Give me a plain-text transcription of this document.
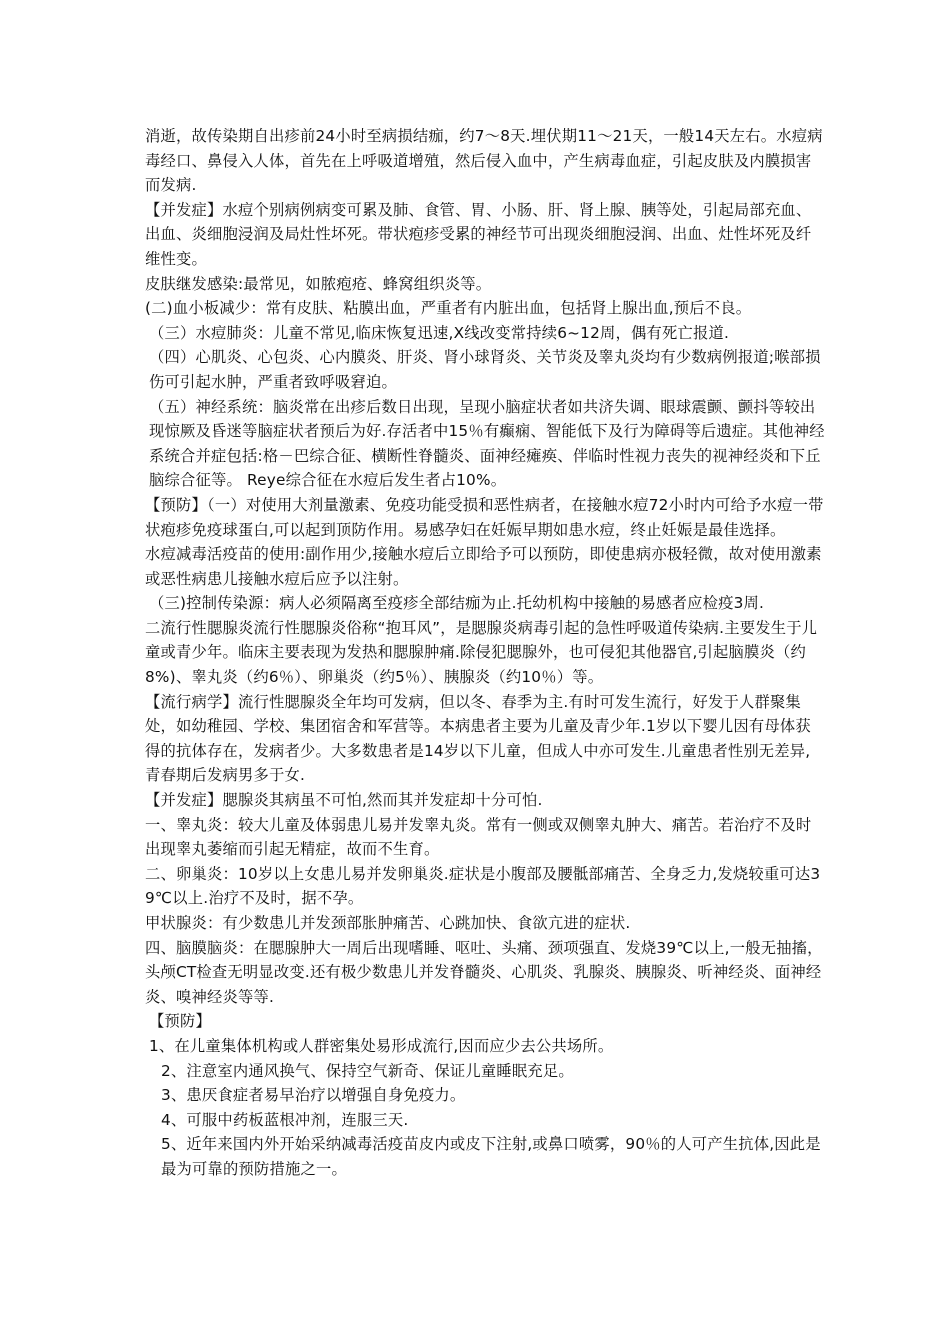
消逝，故传染期自出疹前24小时至病损结痂，约7～8天.埋伏期11～21天，一般14天左右。水痘病毒经口、鼻侵入人体，首先在上呼吸道增殖，然后侵入血中，产生病毒血症，引起皮肤及内膜损害而发病.

【并发症】水痘个别病例病变可累及肺、食管、胃、小肠、肝、肾上腺、胰等处，引起局部充血、出血、炎细胞浸润及局灶性坏死。带状疱疹受累的神经节可出现炎细胞浸润、出血、灶性坏死及纤维性变。

皮肤继发感染:最常见，如脓疱疮、蜂窝组织炎等。

(二)血小板减少：常有皮肤、粘膜出血，严重者有内脏出血，包括肾上腺出血,预后不良。

（三）水痘肺炎：儿童不常见,临床恢复迅速,X线改变常持续6~12周，偶有死亡报道.

（四）心肌炎、心包炎、心内膜炎、肝炎、肾小球肾炎、关节炎及睾丸炎均有少数病例报道;喉部损伤可引起水肿，严重者致呼吸窘迫。

（五）神经系统：脑炎常在出疹后数日出现，呈现小脑症状者如共济失调、眼球震颤、颤抖等较出现惊厥及昏迷等脑症状者预后为好.存活者中15％有癫痫、智能低下及行为障碍等后遗症。其他神经系统合并症包括:格－巴综合征、横断性脊髓炎、面神经瘫痪、伴临时性视力丧失的视神经炎和下丘脑综合征等。 Reye综合征在水痘后发生者占10%。

【预防】（一）对使用大剂量激素、免疫功能受损和恶性病者，在接触水痘72小时内可给予水痘一带状疱疹免疫球蛋白,可以起到顶防作用。易感孕妇在妊娠早期如患水痘，终止妊娠是最佳选择。

水痘减毒活疫苗的使用:副作用少,接触水痘后立即给予可以预防，即使患病亦极轻微，故对使用激素或恶性病患儿接触水痘后应予以注射。

（三)控制传染源：病人必须隔离至疫疹全部结痂为止.托幼机构中接触的易感者应检疫3周.

二流行性腮腺炎流行性腮腺炎俗称“抱耳风”，是腮腺炎病毒引起的急性呼吸道传染病.主要发生于儿童或青少年。临床主要表现为发热和腮腺肿痛.除侵犯腮腺外，也可侵犯其他器官,引起脑膜炎（约8%)、睾丸炎（约6％）、卵巢炎（约5％）、胰腺炎（约10％）等。

【流行病学】流行性腮腺炎全年均可发病，但以冬、春季为主.有时可发生流行，好发于人群聚集处，如幼稚园、学校、集团宿舍和军营等。本病患者主要为儿童及青少年.1岁以下婴儿因有母体获得的抗体存在，发病者少。大多数患者是14岁以下儿童，但成人中亦可发生.儿童患者性别无差异,青春期后发病男多于女.

【并发症】腮腺炎其病虽不可怕,然而其并发症却十分可怕.

一、睾丸炎：较大儿童及体弱患儿易并发睾丸炎。常有一侧或双侧睾丸肿大、痛苦。若治疗不及时出现睾丸萎缩而引起无精症，故而不生育。

二、卵巢炎：10岁以上女患儿易并发卵巢炎.症状是小腹部及腰骶部痛苦、全身乏力,发烧较重可达39℃以上.治疗不及时，据不孕。

甲状腺炎：有少数患儿并发颈部胀肿痛苦、心跳加快、食欲亢进的症状.

四、脑膜脑炎：在腮腺肿大一周后出现嗜睡、呕吐、头痛、颈项强直、发烧39℃以上,一般无抽搐，头颅CT检查无明显改变.还有极少数患儿并发脊髓炎、心肌炎、乳腺炎、胰腺炎、听神经炎、面神经炎、嗅神经炎等等.

【预防】

1、在儿童集体机构或人群密集处易形成流行,因而应少去公共场所。

2、注意室内通风换气、保持空气新奇、保证儿童睡眠充足。

3、患厌食症者易早治疗以增强自身免疫力。

4、可服中药板蓝根冲剂，连服三天.

5、近年来国内外开始采纳减毒活疫苗皮内或皮下注射,或鼻口喷雾，90％的人可产生抗体,因此是最为可靠的预防措施之一。
